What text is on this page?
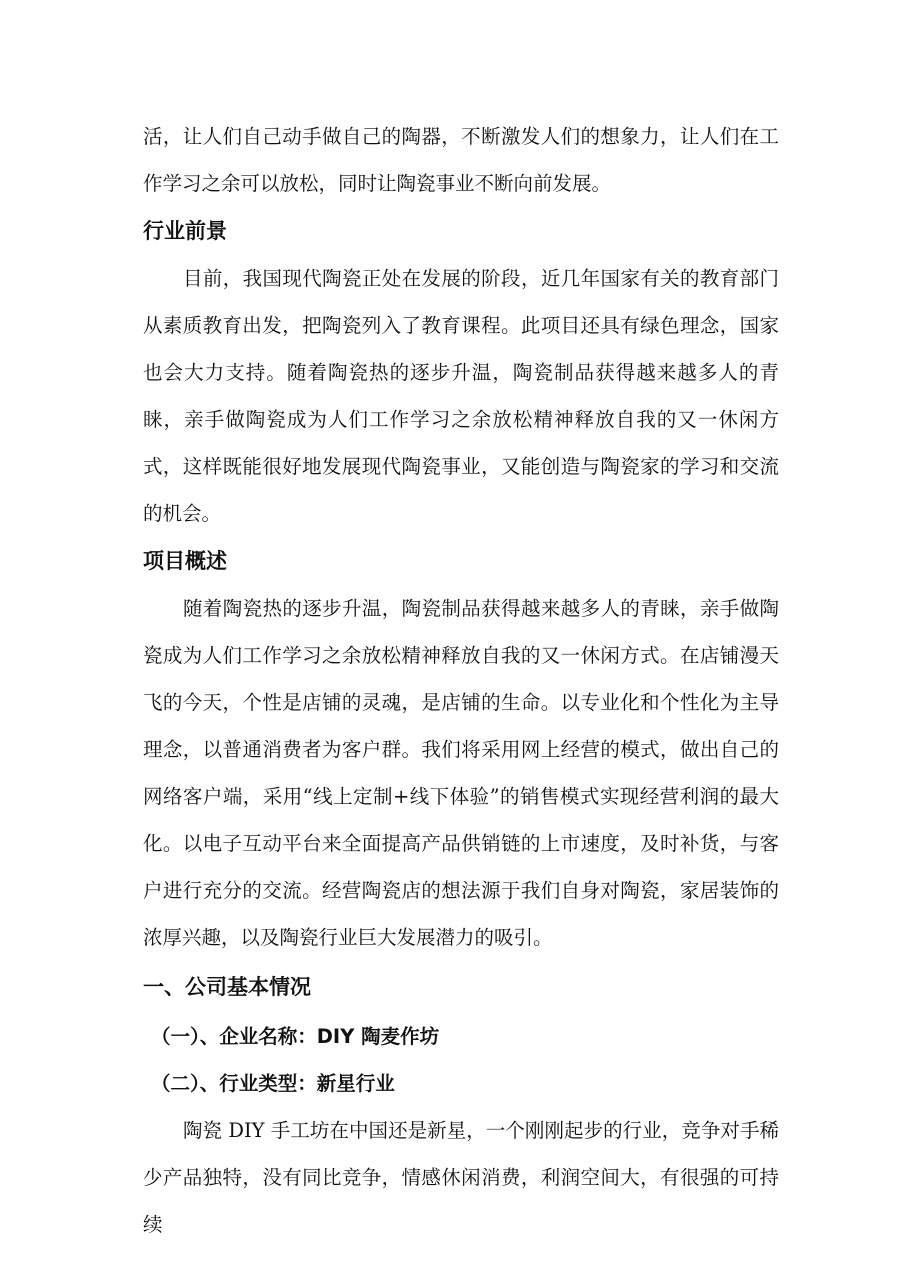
活，让人们自己动手做自己的陶器，不断激发人们的想象力，让人们在工作学习之余可以放松，同时让陶瓷事业不断向前发展。

行业前景

目前，我国现代陶瓷正处在发展的阶段，近几年国家有关的教育部门从素质教育出发，把陶瓷列入了教育课程。此项目还具有绿色理念，国家也会大力支持。随着陶瓷热的逐步升温，陶瓷制品获得越来越多人的青睐，亲手做陶瓷成为人们工作学习之余放松精神释放自我的又一休闲方式，这样既能很好地发展现代陶瓷事业，又能创造与陶瓷家的学习和交流的机会。

项目概述

随着陶瓷热的逐步升温，陶瓷制品获得越来越多人的青睐，亲手做陶瓷成为人们工作学习之余放松精神释放自我的又一休闲方式。在店铺漫天飞的今天，个性是店铺的灵魂，是店铺的生命。以专业化和个性化为主导理念，以普通消费者为客户群。我们将采用网上经营的模式，做出自己的网络客户端，采用“线上定制+线下体验”的销售模式实现经营利润的最大化。以电子互动平台来全面提高产品供销链的上市速度，及时补货，与客户进行充分的交流。经营陶瓷店的想法源于我们自身对陶瓷，家居装饰的浓厚兴趣，以及陶瓷行业巨大发展潜力的吸引。

一、公司基本情况
（一）、企业名称：DIY 陶麦作坊
（二）、行业类型：新星行业

陶瓷 DIY 手工坊在中国还是新星，一个刚刚起步的行业，竞争对手稀少产品独特，没有同比竞争，情感休闲消费，利润空间大，有很强的可持续
